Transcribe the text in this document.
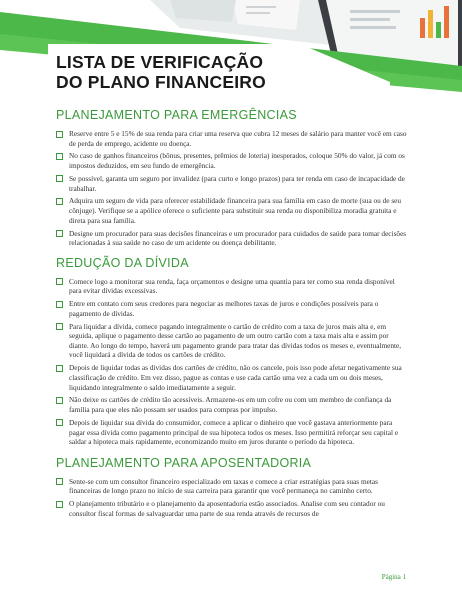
LISTA DE VERIFICAÇÃO
DO PLANO FINANCEIRO
PLANEJAMENTO PARA EMERGÊNCIAS
Reserve entre 5 e 15% de sua renda para criar uma reserva que cubra 12 meses de salário para manter você em caso de perda de emprego, acidente ou doença.
No caso de ganhos financeiros (bônus, presentes, prêmios de loteria) inesperados, coloque 50% do valor, já com os impostos deduzidos, em seu fundo de emergência.
Se possível, garanta um seguro por invalidez (para curto e longo prazos) para ter renda em caso de incapacidade de trabalhar.
Adquira um seguro de vida para oferecer estabilidade financeira para sua família em caso de morte (sua ou de seu cônjuge). Verifique se a apólice oferece o suficiente para substituir sua renda ou disponibiliza moradia gratuita e direta para sua família.
Designe um procurador para suas decisões financeiras e um procurador para cuidados de saúde para tomar decisões relacionadas à sua saúde no caso de um acidente ou doença debilitante.
REDUÇÃO DA DÍVIDA
Comece logo a monitorar sua renda, faça orçamentos e designe uma quantia para ter como sua renda disponível para evitar dívidas excessivas.
Entre em contato com seus credores para negociar as melhores taxas de juros e condições possíveis para o pagamento de dívidas.
Para liquidar a dívida, comece pagando integralmente o cartão de crédito com a taxa de juros mais alta e, em seguida, aplique o pagamento desse cartão ao pagamento de um outro cartão com a taxa mais alta e assim por diante. Ao longo do tempo, haverá um pagamento grande para tratar das dívidas todos os meses e, eventualmente, você liquidará a dívida de todos os cartões de crédito.
Depois de liquidar todas as dívidas dos cartões de crédito, não os cancele, pois isso pode afetar negativamente sua classificação de crédito. Em vez disso, pague as contas e use cada cartão uma vez a cada um ou dois meses, liquidando integralmente o saldo imediatamente a seguir.
Não deixe os cartões de crédito tão acessíveis. Armazene-os em um cofre ou com um membro de confiança da família para que eles não possam ser usados para compras por impulso.
Depois de liquidar sua dívida do consumidor, comece a aplicar o dinheiro que você gastava anteriormente para pagar essa dívida como pagamento principal de sua hipoteca todos os meses. Isso permitirá reforçar seu capital e saldar a hipoteca mais rapidamente, economizando muito em juros durante o período da hipoteca.
PLANEJAMENTO PARA APOSENTADORIA
Sente-se com um consultor financeiro especializado em taxas e comece a criar estratégias para suas metas financeiras de longo prazo no início de sua carreira para garantir que você permaneça no caminho certo.
O planejamento tributário e o planejamento da aposentadoria estão associados. Analise com seu contador ou consultor fiscal formas de salvaguardar uma parte de sua renda através de recursos de
Página 1
